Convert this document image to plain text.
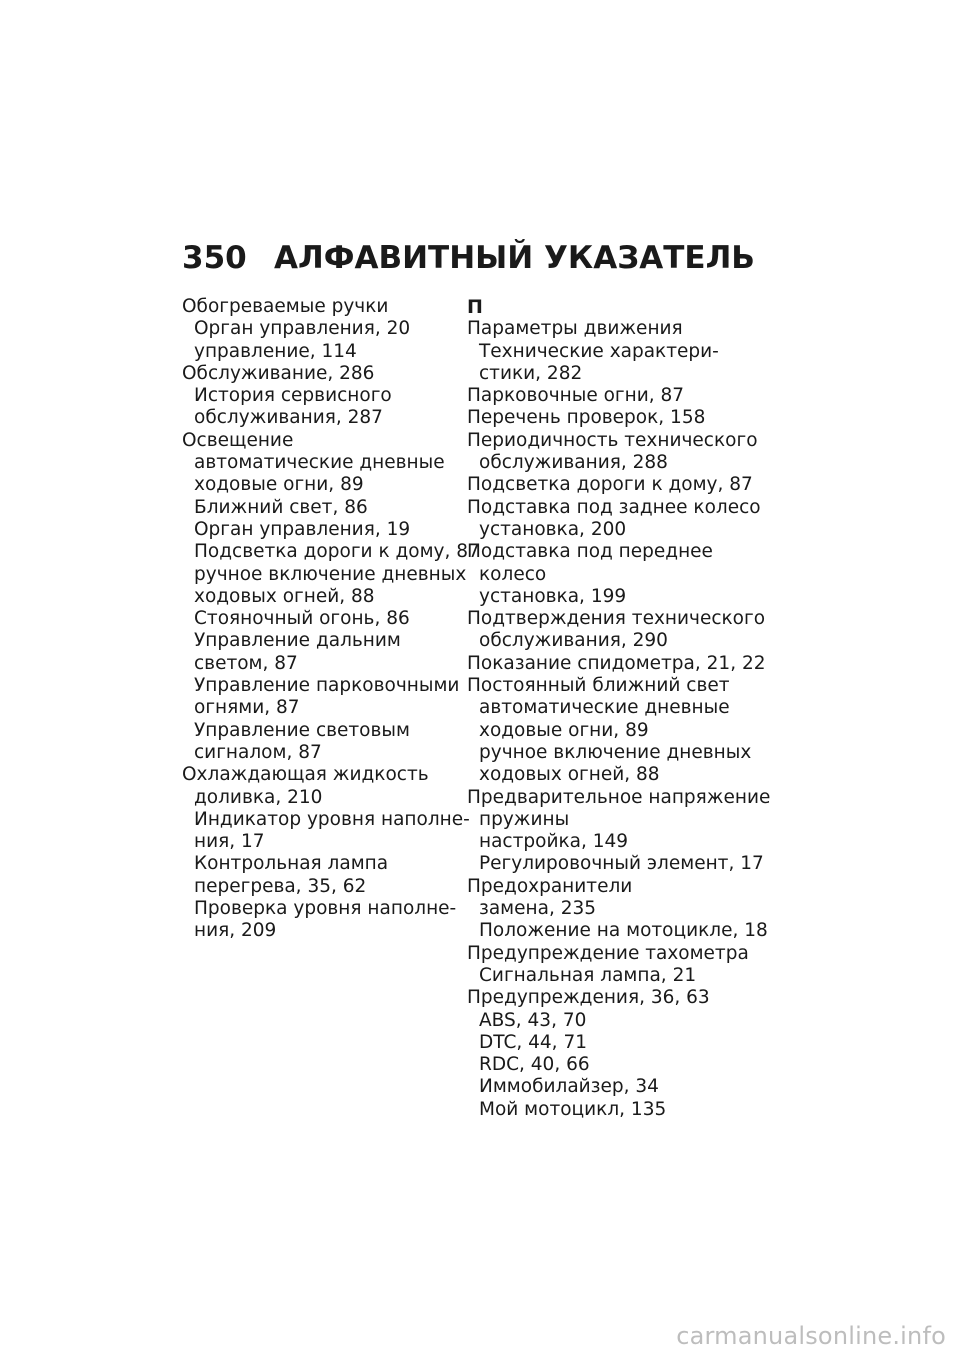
350 АЛФАВИТНЫЙ УКАЗАТЕЛЬ
Обогреваемые ручки
Орган управления, 20
управление, 114
Обслуживание, 286
История сервисного
обслуживания, 287
Освещение
автоматические дневные
ходовые огни, 89
Ближний свет, 86
Орган управления, 19
Подсветка дороги к дому, 87
ручное включение дневных
ходовых огней, 88
Стояночный огонь, 86
Управление дальним
светом, 87
Управление парковочными
огнями, 87
Управление световым
сигналом, 87
Охлаждающая жидкость
доливка, 210
Индикатор уровня наполне-
ния, 17
Контрольная лампа
перегрева, 35, 62
Проверка уровня наполне-
ния, 209
П
Параметры движения
Технические характери-
стики, 282
Парковочные огни, 87
Перечень проверок, 158
Периодичность технического
обслуживания, 288
Подсветка дороги к дому, 87
Подставка под заднее колесо
установка, 200
Подставка под переднее
колесо
установка, 199
Подтверждения технического
обслуживания, 290
Показание спидометра, 21, 22
Постоянный ближний свет
автоматические дневные
ходовые огни, 89
ручное включение дневных
ходовых огней, 88
Предварительное напряжение
пружины
настройка, 149
Регулировочный элемент, 17
Предохранители
замена, 235
Положение на мотоцикле, 18
Предупреждение тахометра
Сигнальная лампа, 21
Предупреждения, 36, 63
ABS, 43, 70
DTC, 44, 71
RDC, 40, 66
Иммобилайзер, 34
Мой мотоцикл, 135
carmanualsonline.info
